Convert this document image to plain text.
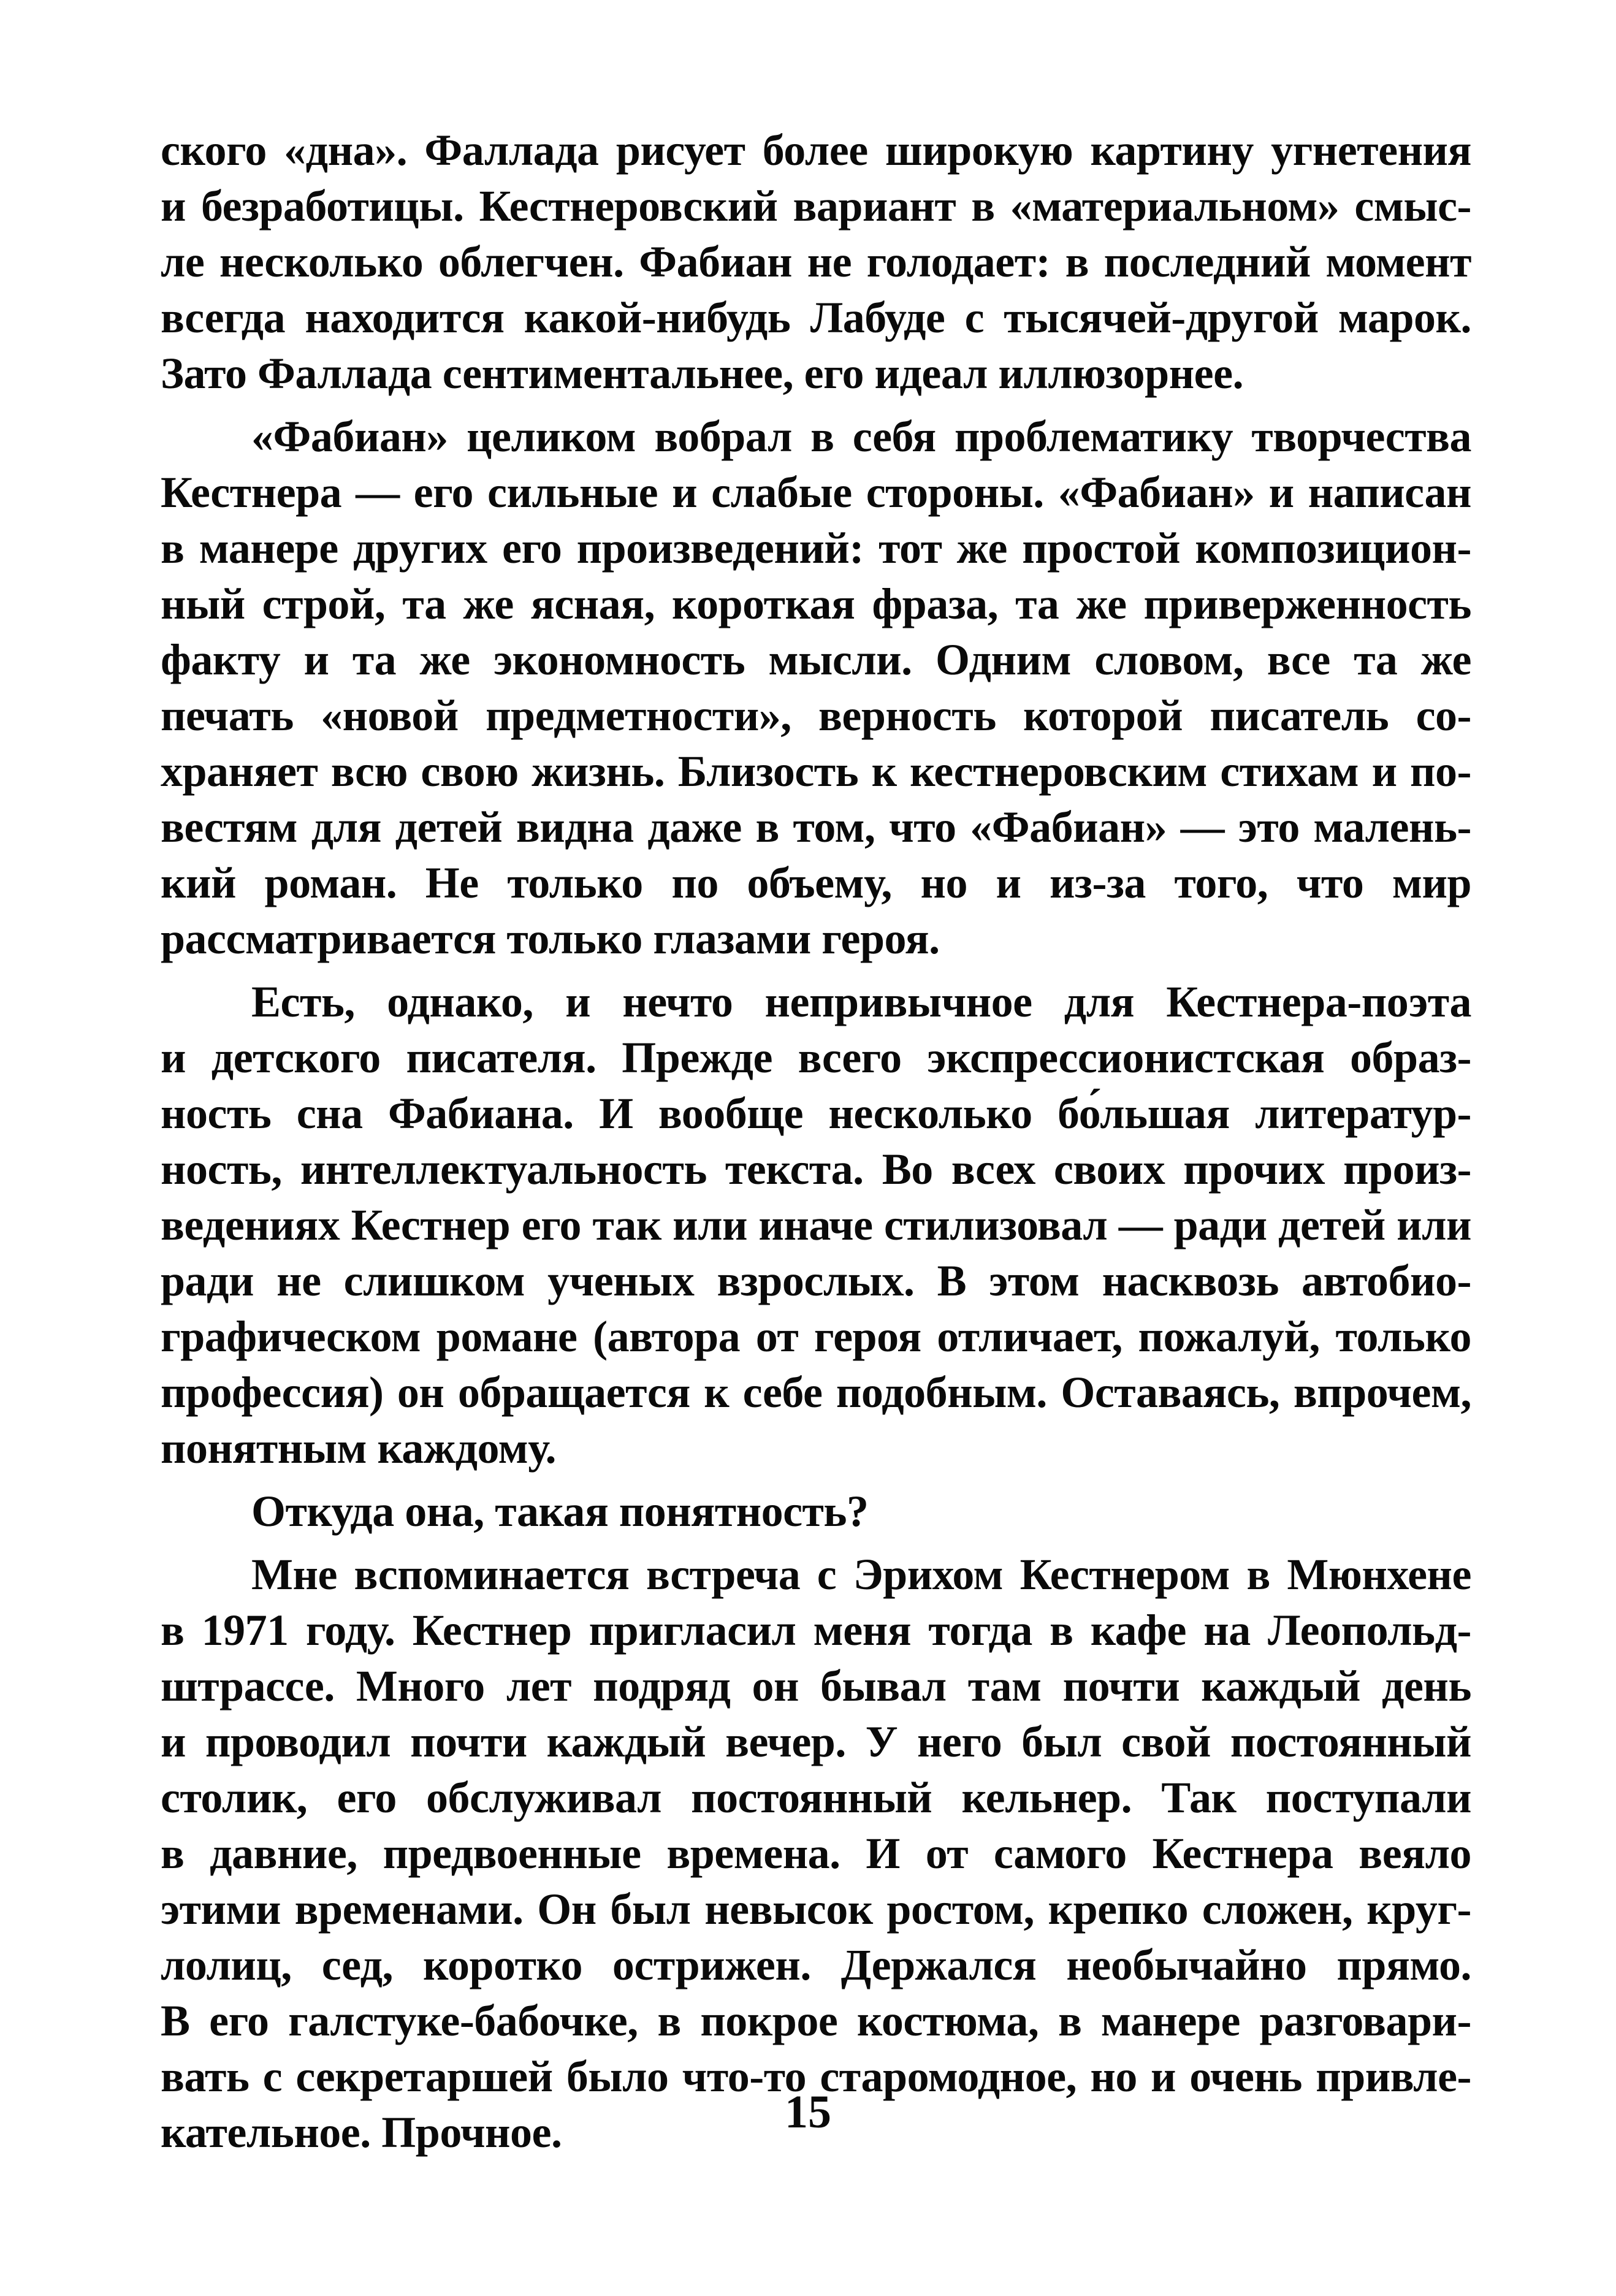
ского «дна». Фаллада рисует более широкую картину угнетения
и безработицы. Кестнеровский вариант в «материальном» смыс-
ле несколько облегчен. Фабиан не голодает: в последний момент
всегда находится какой-нибудь Лабуде с тысячей-другой марок.
Зато Фаллада сентиментальнее, его идеал иллюзорнее.
«Фабиан» целиком вобрал в себя проблематику творчества
Кестнера — его сильные и слабые стороны. «Фабиан» и написан
в манере других его произведений: тот же простой композицион-
ный строй, та же ясная, короткая фраза, та же приверженность
факту и та же экономность мысли. Одним словом, все та же
печать «новой предметности», верность которой писатель со-
храняет всю свою жизнь. Близость к кестнеровским стихам и по-
вестям для детей видна даже в том, что «Фабиан» — это малень-
кий роман. Не только по объему, но и из-за того, что мир
рассматривается только глазами героя.
Есть, однако, и нечто непривычное для Кестнера-поэта
и детского писателя. Прежде всего экспрессионистская образ-
ность сна Фабиана. И вообще несколько бо́льшая литератур-
ность, интеллектуальность текста. Во всех своих прочих произ-
ведениях Кестнер его так или иначе стилизовал — ради детей или
ради не слишком ученых взрослых. В этом насквозь автобио-
графическом романе (автора от героя отличает, пожалуй, только
профессия) он обращается к себе подобным. Оставаясь, впрочем,
понятным каждому.
Откуда она, такая понятность?
Мне вспоминается встреча с Эрихом Кестнером в Мюнхене
в 1971 году. Кестнер пригласил меня тогда в кафе на Леопольд-
штрассе. Много лет подряд он бывал там почти каждый день
и проводил почти каждый вечер. У него был свой постоянный
столик, его обслуживал постоянный кельнер. Так поступали
в давние, предвоенные времена. И от самого Кестнера веяло
этими временами. Он был невысок ростом, крепко сложен, круг-
лолиц, сед, коротко острижен. Держался необычайно прямо.
В его галстуке-бабочке, в покрое костюма, в манере разговари-
вать с секретаршей было что-то старомодное, но и очень привле-
кательное. Прочное.	15
